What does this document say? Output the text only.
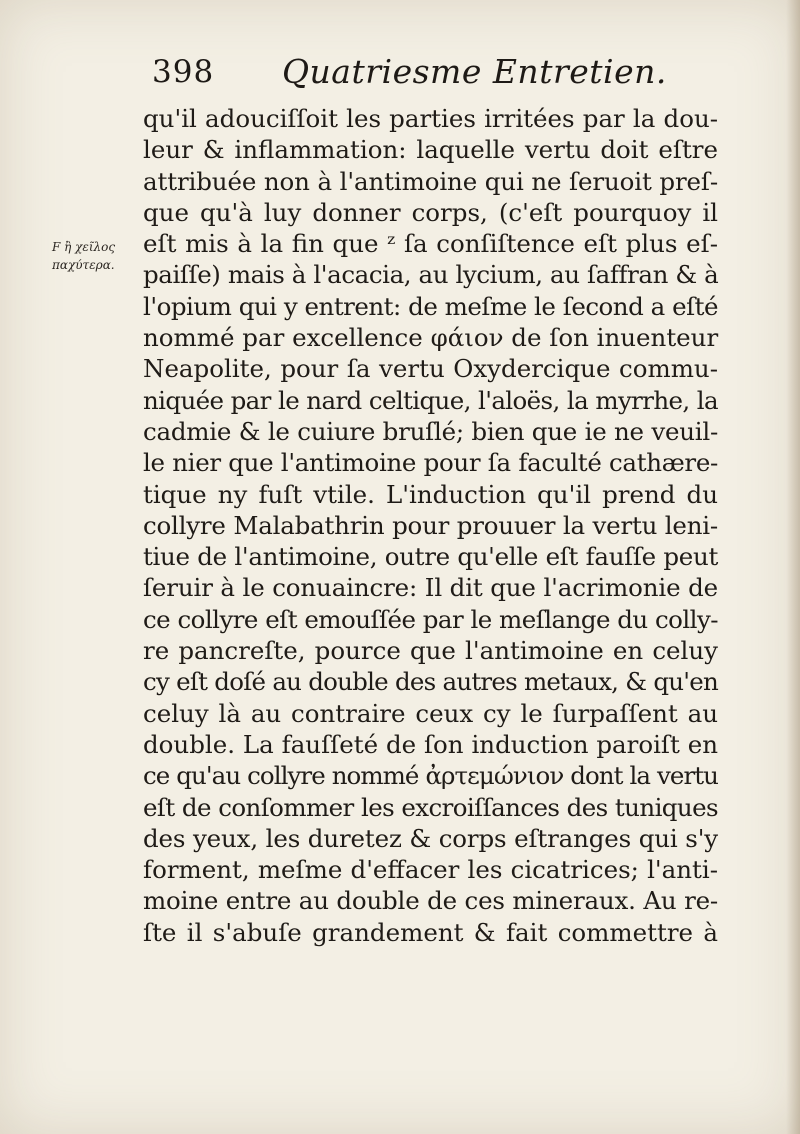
398 Quatriesme Entretien.
F ἢ χεῖλος
παχύτερα.
qu'il adouciſſoit les parties irritées par la dou-
leur & inflammation: laquelle vertu doit eſtre
attribuée non à l'antimoine qui ne ſeruoit preſ-
que qu'à luy donner corps, (c'eſt pourquoy il
eſt mis à la fin que ᶻ ſa conſiſtence eſt plus eſ-
paiſſe) mais à l'acacia, au lycium, au ſaffran & à
l'opium qui y entrent: de meſme le ſecond a eſté
nommé par excellence φάιον de ſon inuenteur
Neapolite, pour ſa vertu Oxydercique commu-
niquée par le nard celtique, l'aloës, la myrrhe, la
cadmie & le cuiure bruſlé; bien que ie ne veuil-
le nier que l'antimoine pour ſa faculté cathære-
tique ny fuſt vtile. L'induction qu'il prend du
collyre Malabathrin pour prouuer la vertu leni-
tiue de l'antimoine, outre qu'elle eſt fauſſe peut
ſeruir à le conuaincre: Il dit que l'acrimonie de
ce collyre eſt emouſſée par le meſlange du colly-
re pancreſte, pource que l'antimoine en celuy
cy eſt doſé au double des autres metaux, & qu'en
celuy là au contraire ceux cy le ſurpaſſent au
double. La fauſſeté de ſon induction paroiſt en
ce qu'au collyre nommé ἀρτεμώνιον dont la vertu
eſt de conſommer les excroiſſances des tuniques
des yeux, les duretez & corps eſtranges qui s'y
forment, meſme d'effacer les cicatrices; l'anti-
moine entre au double de ces mineraux. Au re-
ſte il s'abuſe grandement & fait commettre à
